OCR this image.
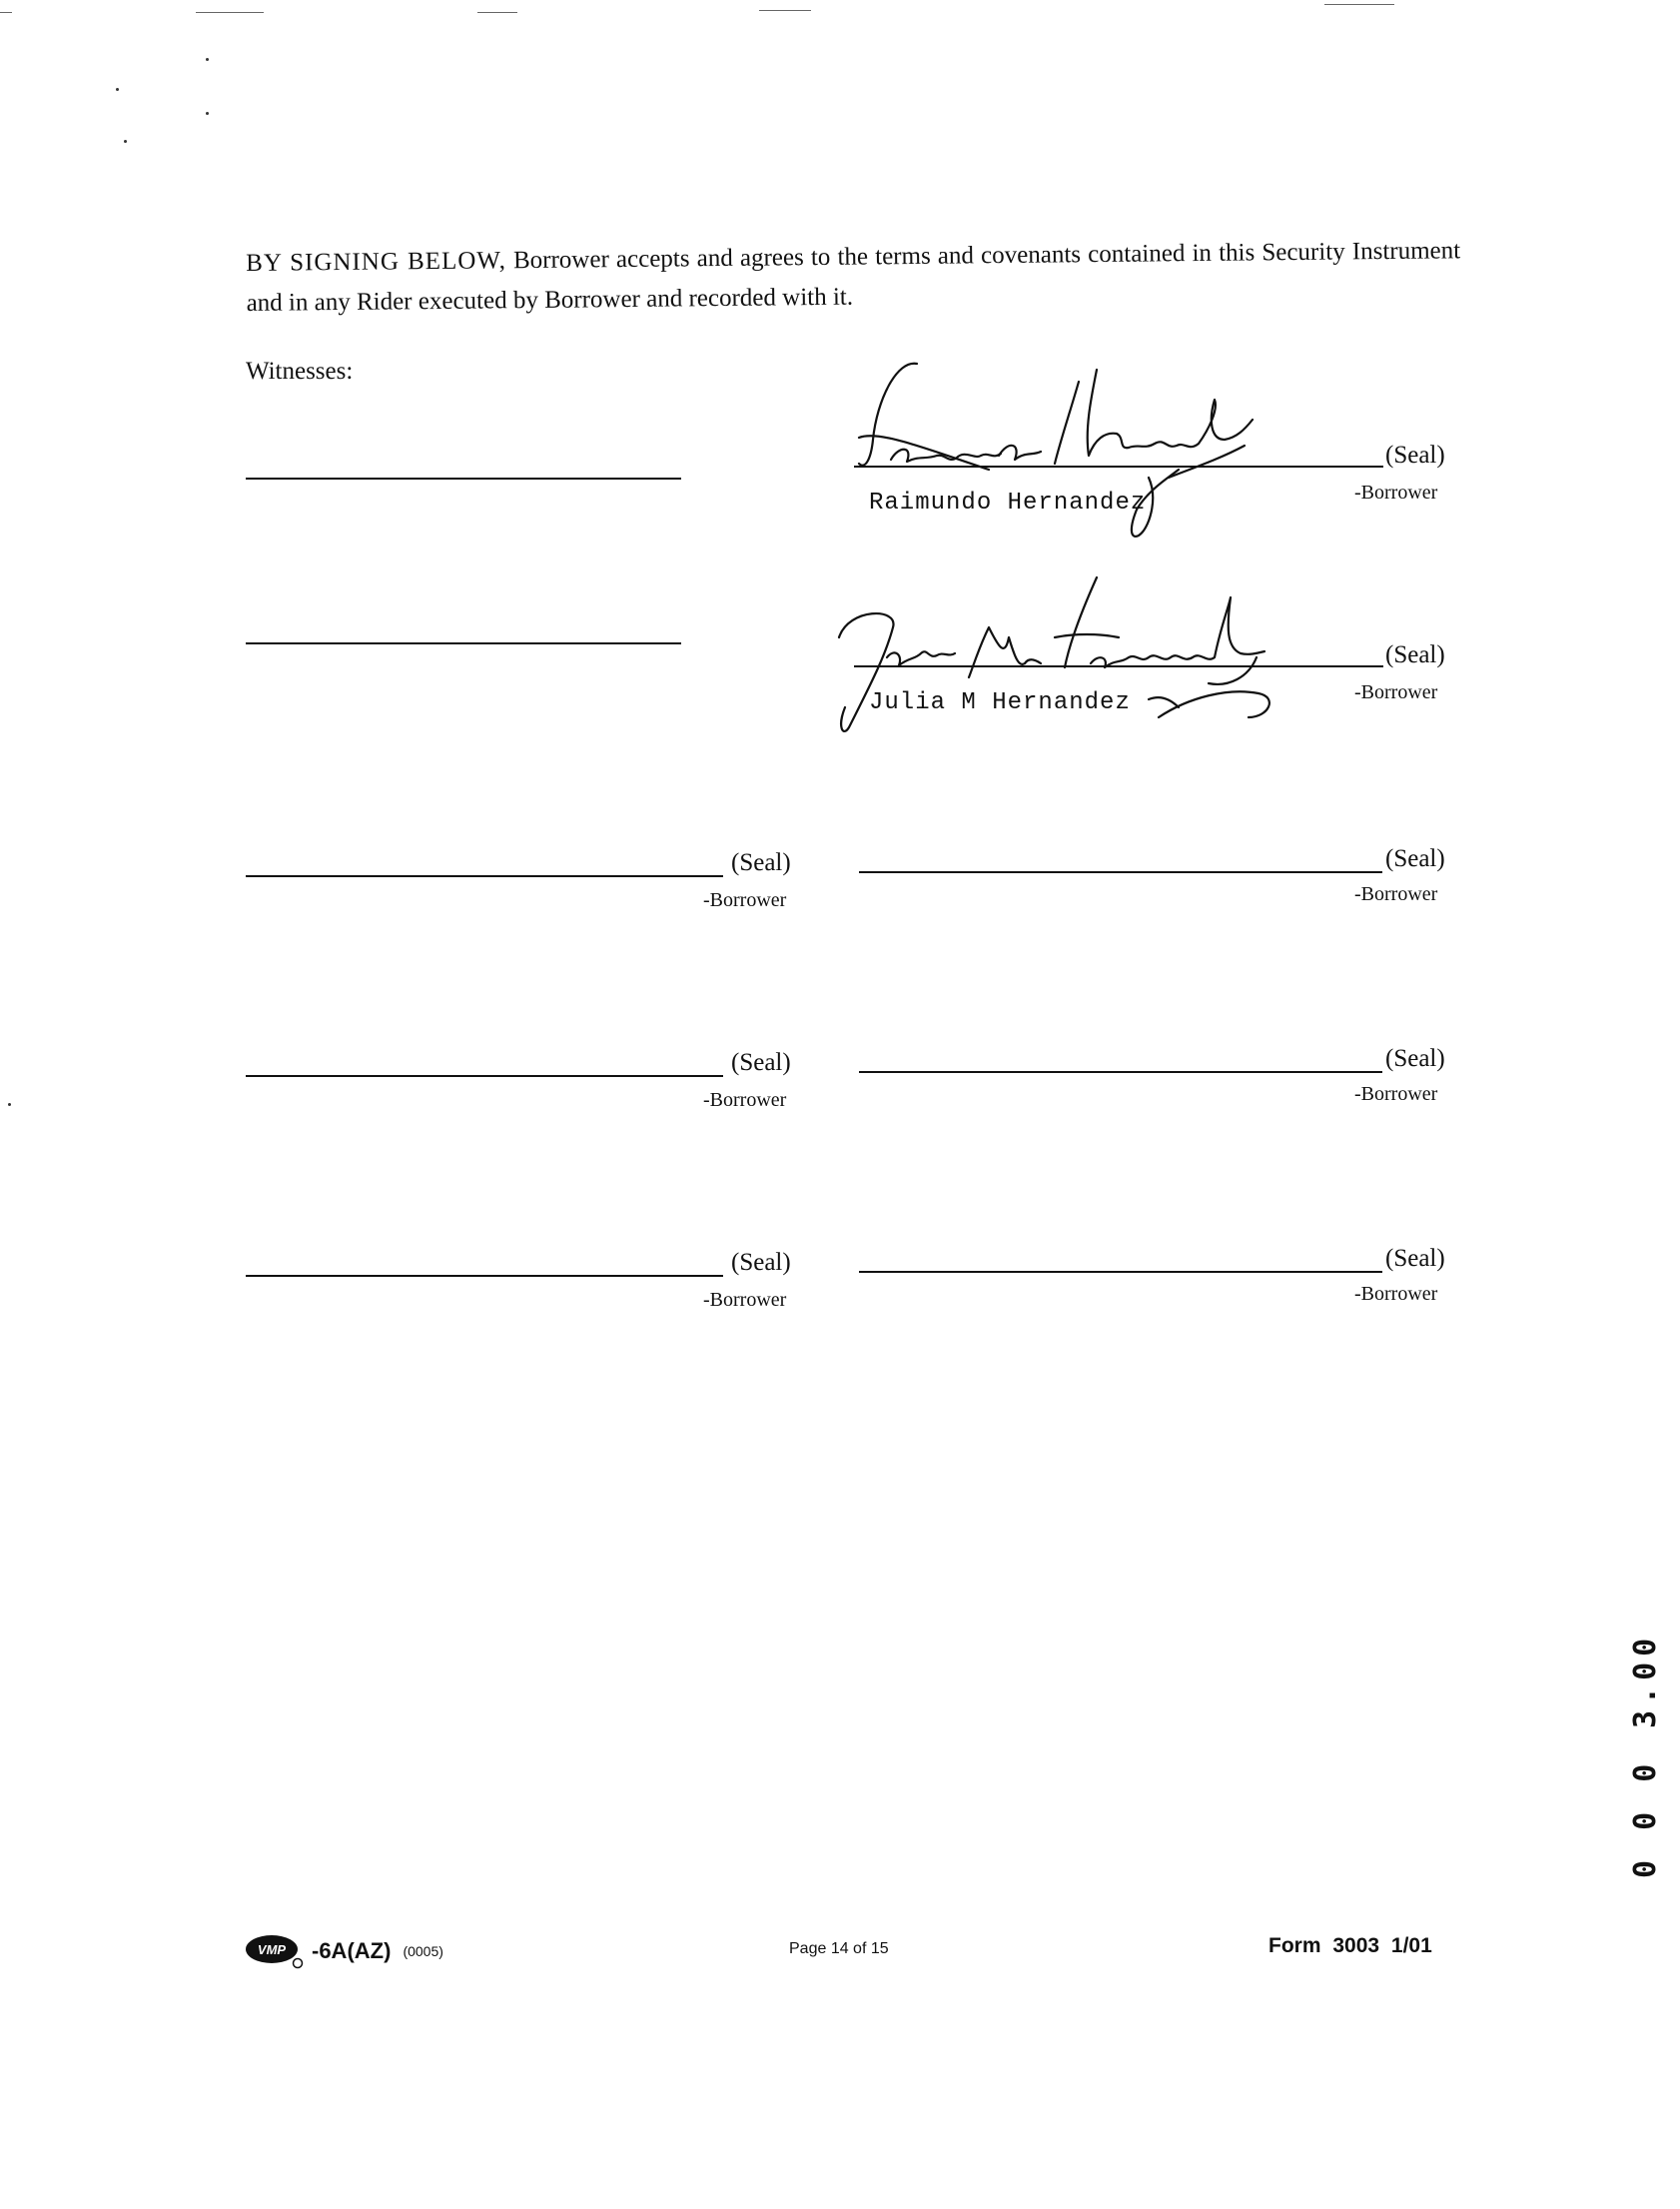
BY SIGNING BELOW, Borrower accepts and agrees to the terms and covenants contained in this Security Instrument and in any Rider executed by Borrower and recorded with it.
Witnesses:
(Seal)
-Borrower
Raimundo Hernandez
(Seal)
-Borrower
Julia M Hernandez
(Seal)
-Borrower
(Seal)
-Borrower
(Seal)
-Borrower
(Seal)
-Borrower
(Seal)
-Borrower
(Seal)
-Borrower
VMP -6A(AZ) (0005)	Page 14 of 15	Form 3003 1/01
3.00
0 0 0
